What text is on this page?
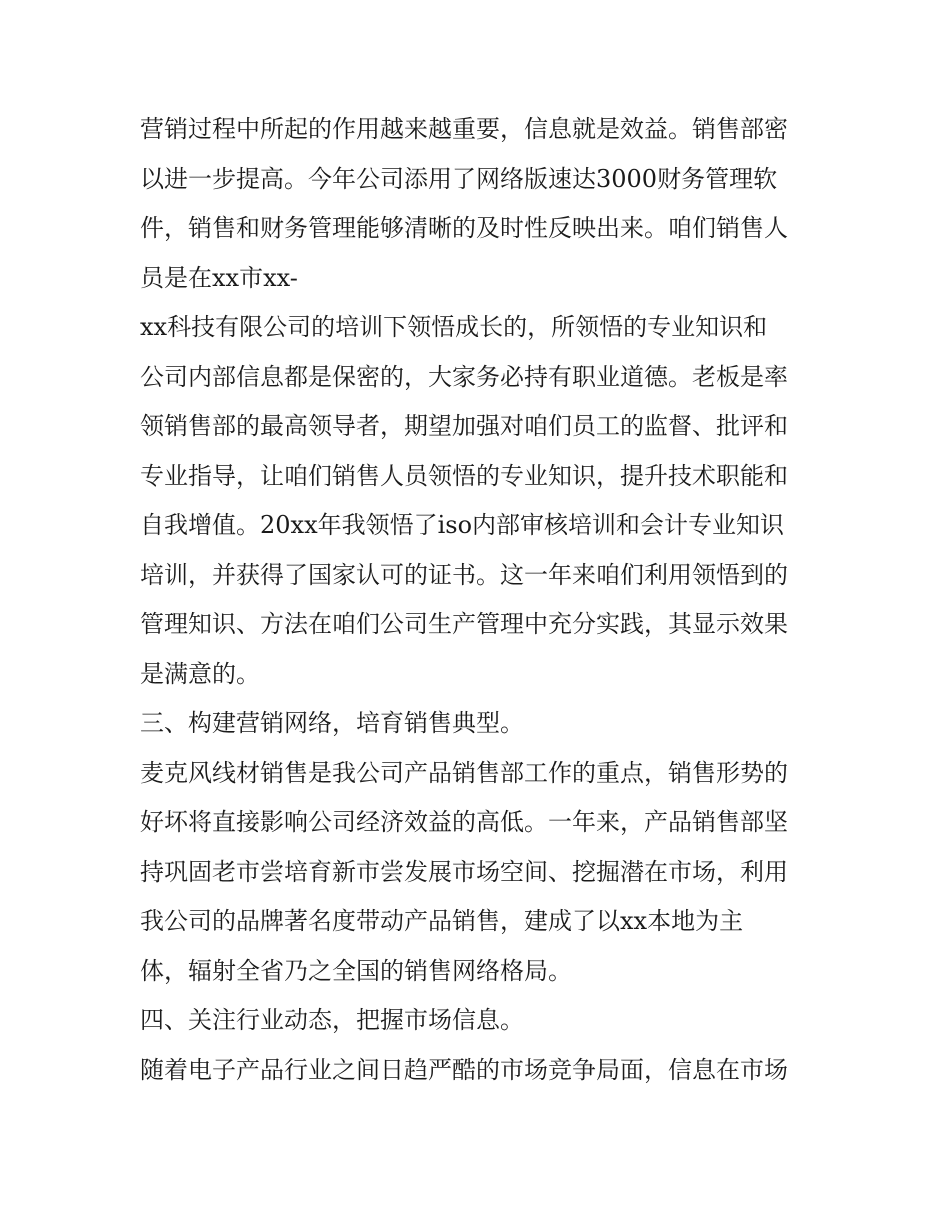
营销过程中所起的作用越来越重要，信息就是效益。销售部密
以进一步提高。今年公司添用了网络版速达3000财务管理软
件，销售和财务管理能够清晰的及时性反映出来。咱们销售人
员是在xx市xx-
xx科技有限公司的培训下领悟成长的，所领悟的专业知识和
公司内部信息都是保密的，大家务必持有职业道德。老板是率
领销售部的最高领导者，期望加强对咱们员工的监督、批评和
专业指导，让咱们销售人员领悟的专业知识，提升技术职能和
自我增值。20xx年我领悟了iso内部审核培训和会计专业知识
培训，并获得了国家认可的证书。这一年来咱们利用领悟到的
管理知识、方法在咱们公司生产管理中充分实践，其显示效果
是满意的。
三、构建营销网络，培育销售典型。
麦克风线材销售是我公司产品销售部工作的重点，销售形势的
好坏将直接影响公司经济效益的高低。一年来，产品销售部坚
持巩固老市尝培育新市尝发展市场空间、挖掘潜在市场，利用
我公司的品牌著名度带动产品销售，建成了以xx本地为主
体，辐射全省乃之全国的销售网络格局。
四、关注行业动态，把握市场信息。
随着电子产品行业之间日趋严酷的市场竞争局面，信息在市场
